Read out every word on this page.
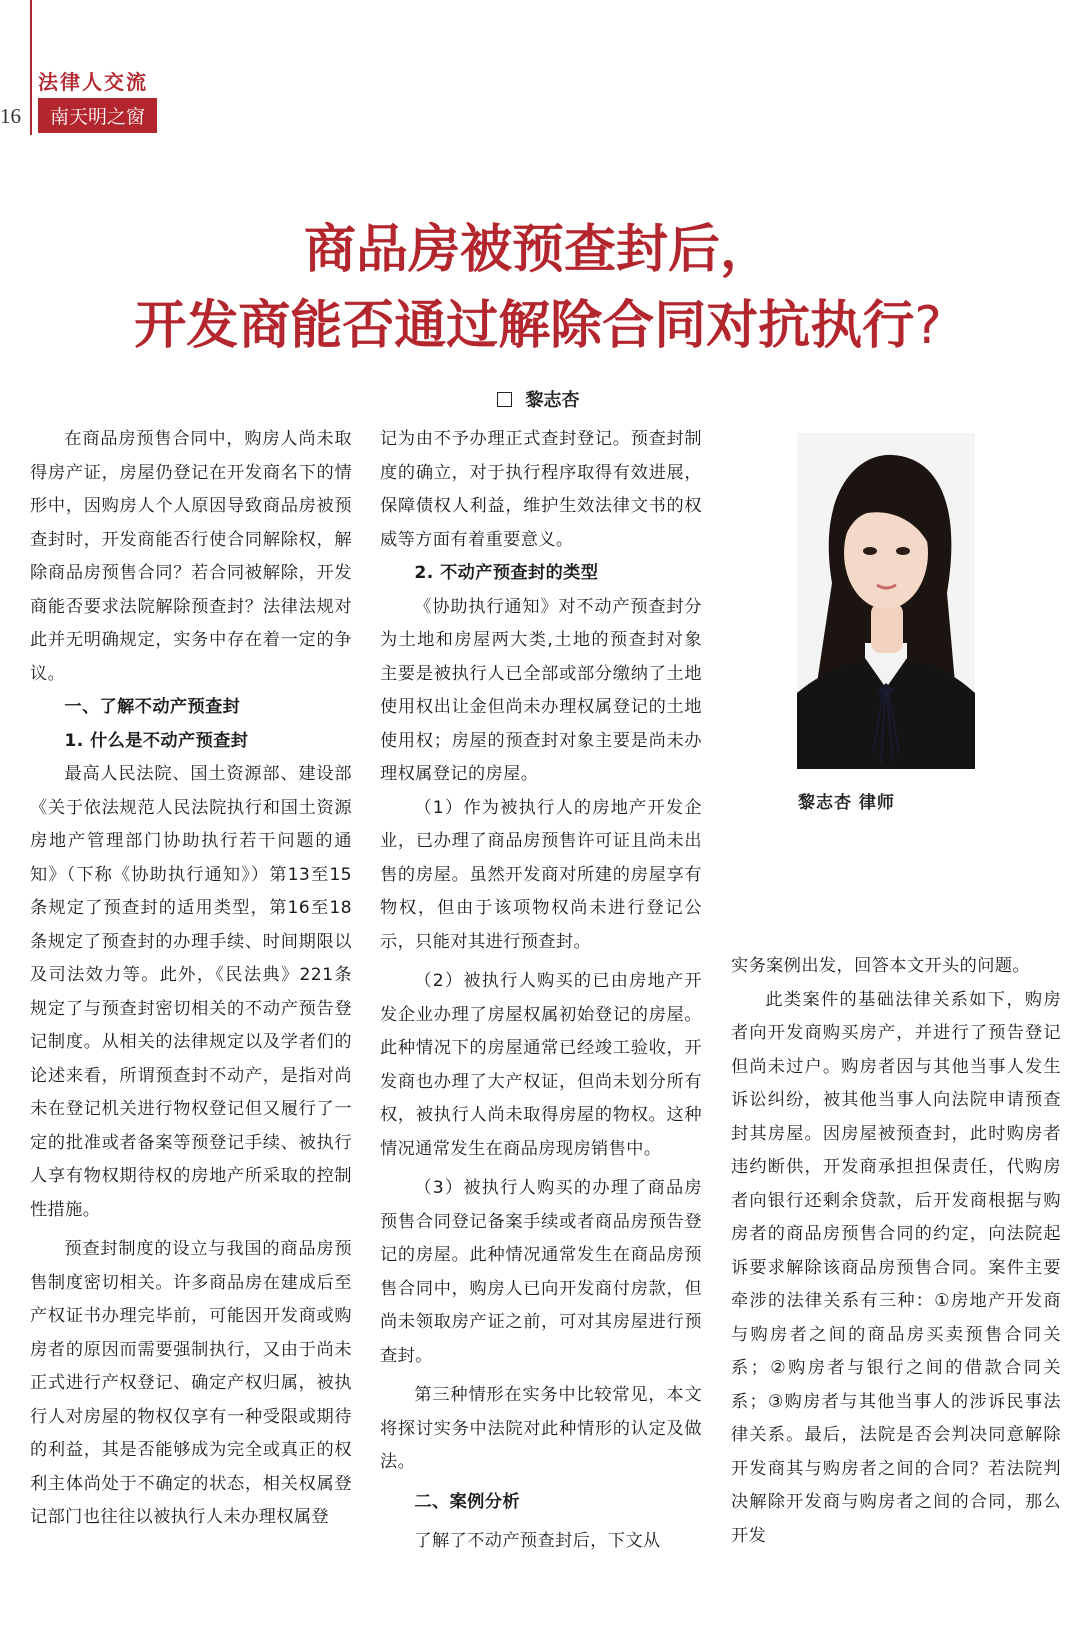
16
法律人交流
南天明之窗
商品房被预查封后，
开发商能否通过解除合同对抗执行?
黎志杏

在商品房预售合同中，购房人尚未取得房产证，房屋仍登记在开发商名下的情形中，因购房人个人原因导致商品房被预查封时，开发商能否行使合同解除权，解除商品房预售合同？若合同被解除，开发商能否要求法院解除预查封？法律法规对此并无明确规定，实务中存在着一定的争议。

一、了解不动产预查封
1. 什么是不动产预查封

最高人民法院、国土资源部、建设部《关于依法规范人民法院执行和国土资源房地产管理部门协助执行若干问题的通知》（下称《协助执行通知》）第13至15条规定了预查封的适用类型，第16至18条规定了预查封的办理手续、时间期限以及司法效力等。此外，《民法典》221条规定了与预查封密切相关的不动产预告登记制度。从相关的法律规定以及学者们的论述来看，所谓预查封不动产，是指对尚未在登记机关进行物权登记但又履行了一定的批准或者备案等预登记手续、被执行人享有物权期待权的房地产所采取的控制性措施。

预查封制度的设立与我国的商品房预售制度密切相关。许多商品房在建成后至产权证书办理完毕前，可能因开发商或购房者的原因而需要强制执行，又由于尚未正式进行产权登记、确定产权归属，被执行人对房屋的物权仅享有一种受限或期待的利益，其是否能够成为完全或真正的权利主体尚处于不确定的状态，相关权属登记部门也往往以被执行人未办理权属登

记为由不予办理正式查封登记。预查封制度的确立，对于执行程序取得有效进展，保障债权人利益，维护生效法律文书的权威等方面有着重要意义。

2. 不动产预查封的类型

《协助执行通知》对不动产预查封分为土地和房屋两大类,土地的预查封对象主要是被执行人已全部或部分缴纳了土地使用权出让金但尚未办理权属登记的土地使用权；房屋的预查封对象主要是尚未办理权属登记的房屋。

（1）作为被执行人的房地产开发企业，已办理了商品房预售许可证且尚未出售的房屋。虽然开发商对所建的房屋享有物权，但由于该项物权尚未进行登记公示，只能对其进行预查封。

（2）被执行人购买的已由房地产开发企业办理了房屋权属初始登记的房屋。此种情况下的房屋通常已经竣工验收，开发商也办理了大产权证，但尚未划分所有权，被执行人尚未取得房屋的物权。这种情况通常发生在商品房现房销售中。

（3）被执行人购买的办理了商品房预售合同登记备案手续或者商品房预告登记的房屋。此种情况通常发生在商品房预售合同中，购房人已向开发商付房款，但尚未领取房产证之前，可对其房屋进行预查封。

第三种情形在实务中比较常见，本文将探讨实务中法院对此种情形的认定及做法。

二、案例分析

了解了不动产预查封后，下文从

黎志杏 律师

实务案例出发，回答本文开头的问题。

此类案件的基础法律关系如下，购房者向开发商购买房产，并进行了预告登记但尚未过户。购房者因与其他当事人发生诉讼纠纷，被其他当事人向法院申请预查封其房屋。因房屋被预查封，此时购房者违约断供，开发商承担担保责任，代购房者向银行还剩余贷款，后开发商根据与购房者的商品房预售合同的约定，向法院起诉要求解除该商品房预售合同。案件主要牵涉的法律关系有三种：①房地产开发商与购房者之间的商品房买卖预售合同关系；②购房者与银行之间的借款合同关系；③购房者与其他当事人的涉诉民事法律关系。最后，法院是否会判决同意解除开发商其与购房者之间的合同？若法院判决解除开发商与购房者之间的合同，那么开发
